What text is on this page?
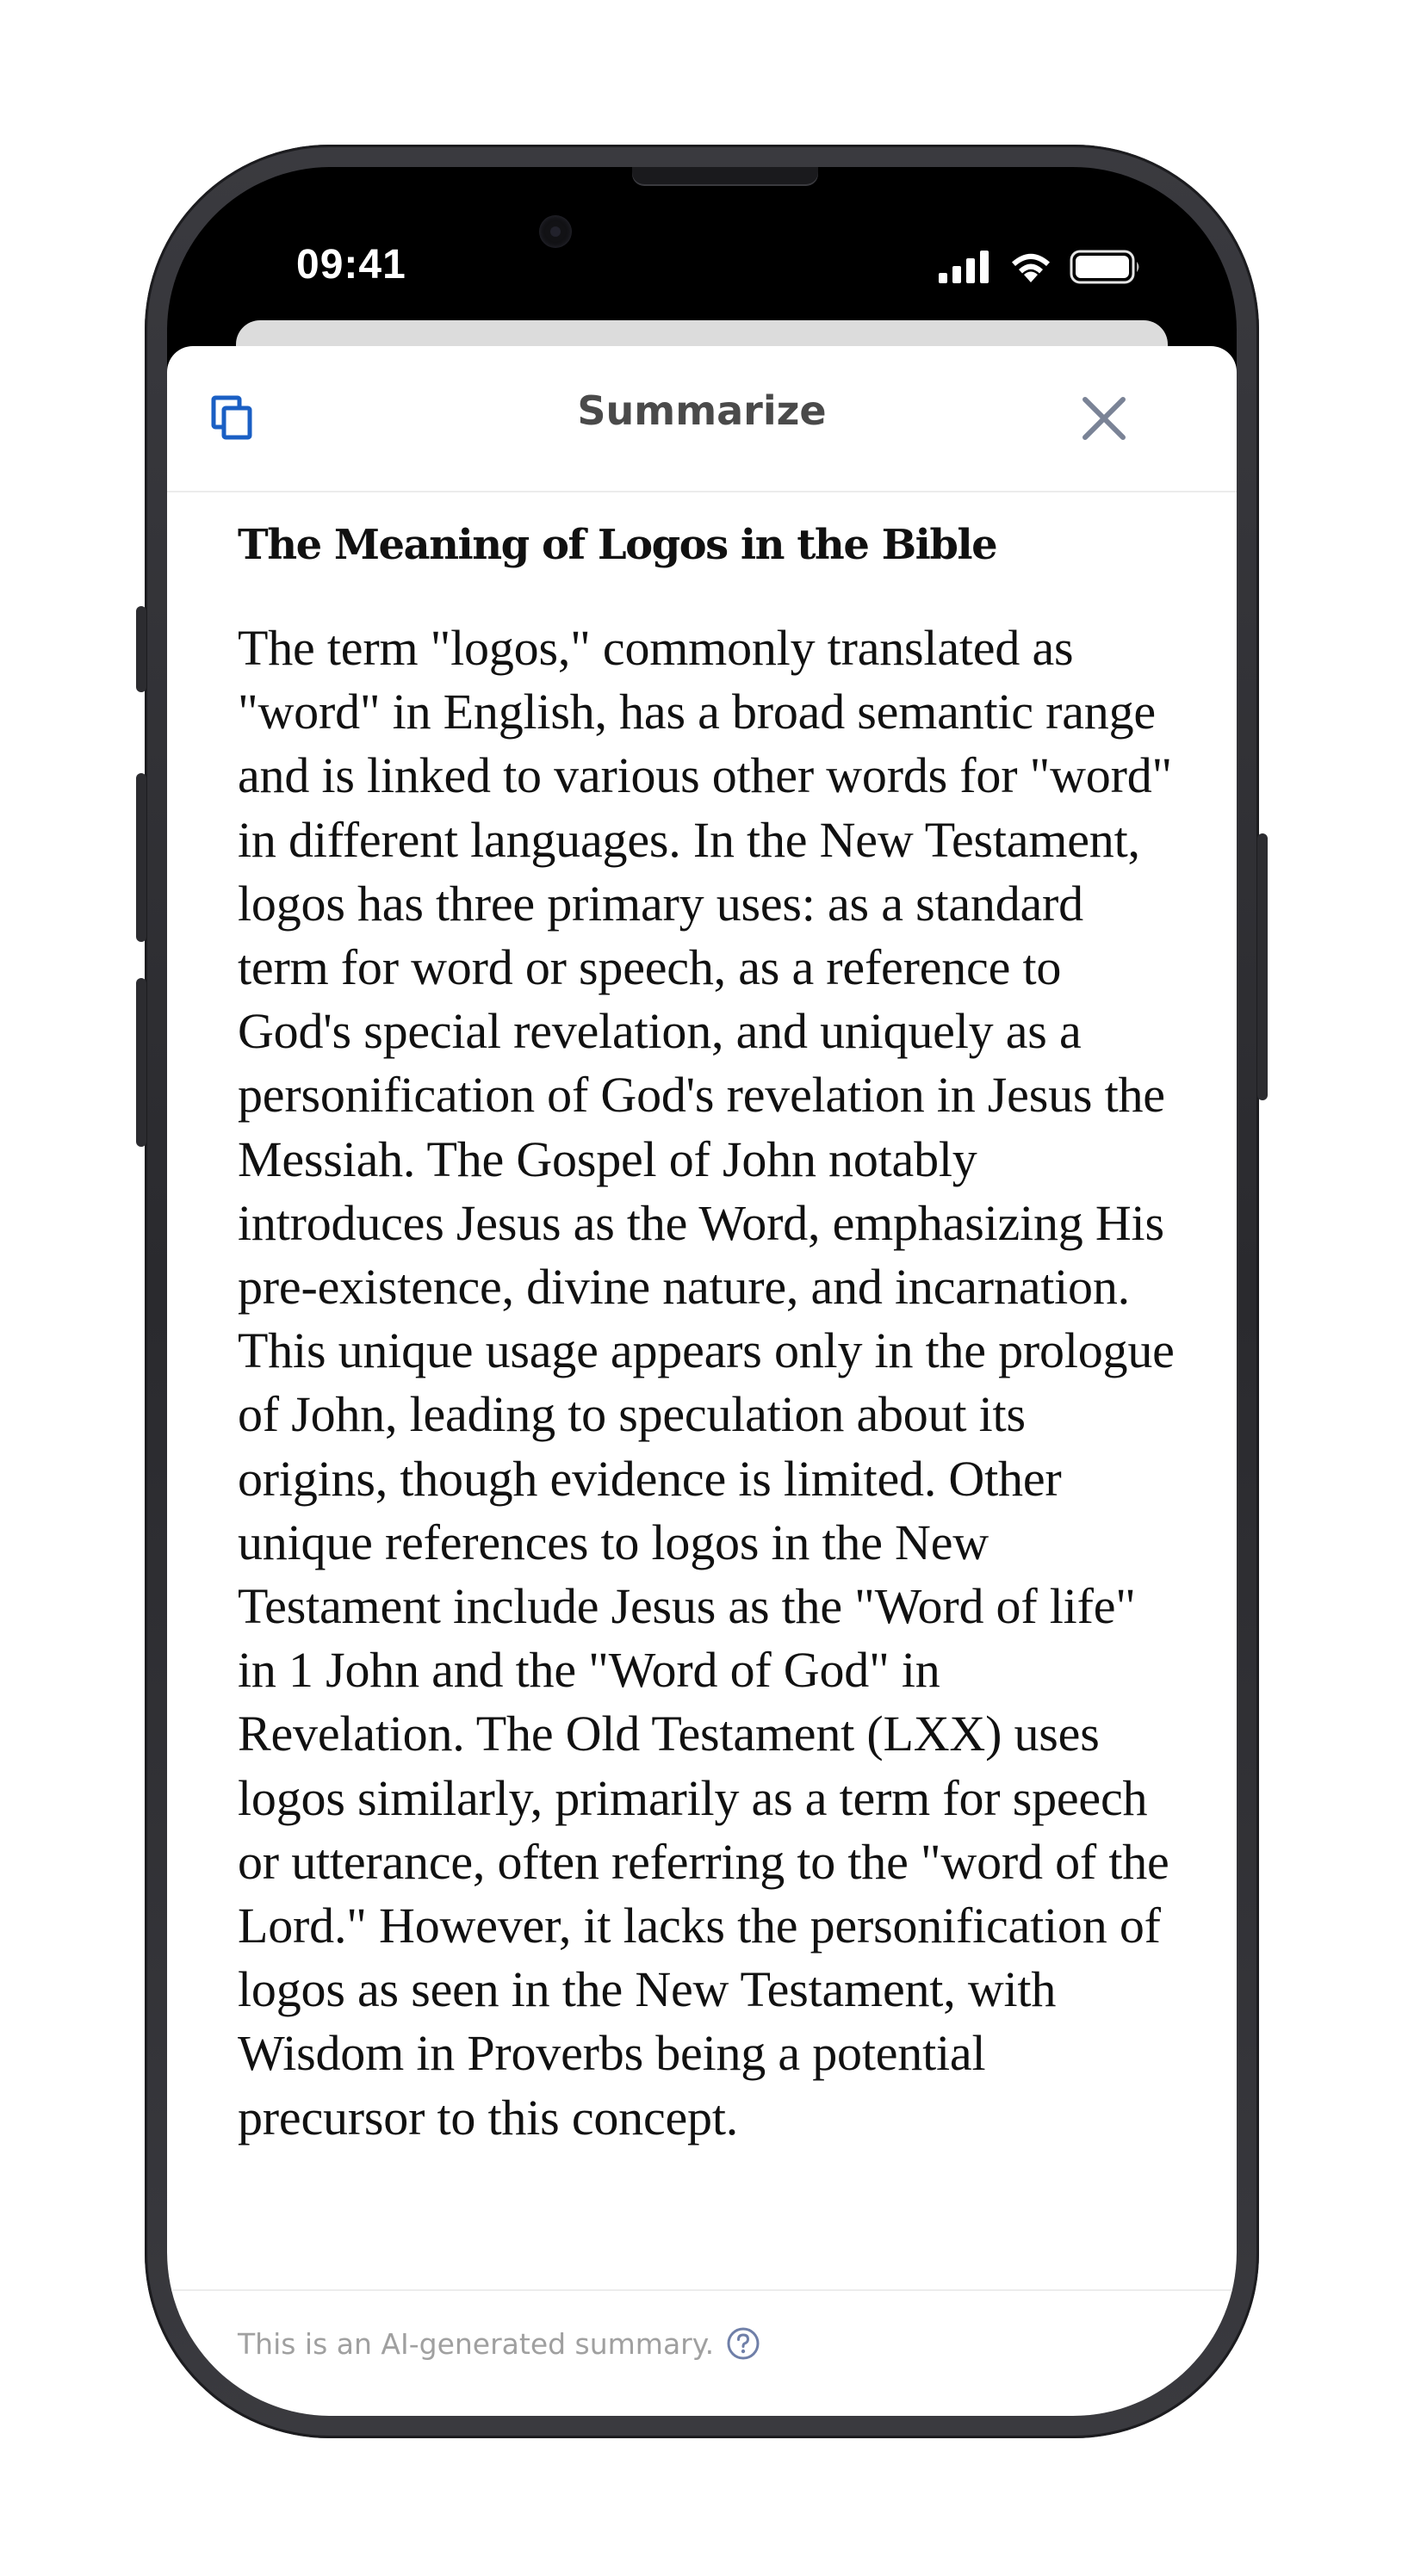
09:41
Summarize
The Meaning of Logos in the Bible

The term "logos," commonly translated as "word" in English, has a broad semantic range and is linked to various other words for "word" in different languages. In the New Testament, logos has three primary uses: as a standard term for word or speech, as a reference to God's special revelation, and uniquely as a personification of God's revelation in Jesus the Messiah. The Gospel of John notably introduces Jesus as the Word, emphasizing His pre-existence, divine nature, and incarnation. This unique usage appears only in the prologue of John, leading to speculation about its origins, though evidence is limited. Other unique references to logos in the New Testament include Jesus as the "Word of life" in 1 John and the "Word of God" in Revelation. The Old Testament (LXX) uses logos similarly, primarily as a term for speech or utterance, often referring to the "word of the Lord." However, it lacks the personification of logos as seen in the New Testament, with Wisdom in Proverbs being a potential precursor to this concept.

This is an AI-generated summary.
